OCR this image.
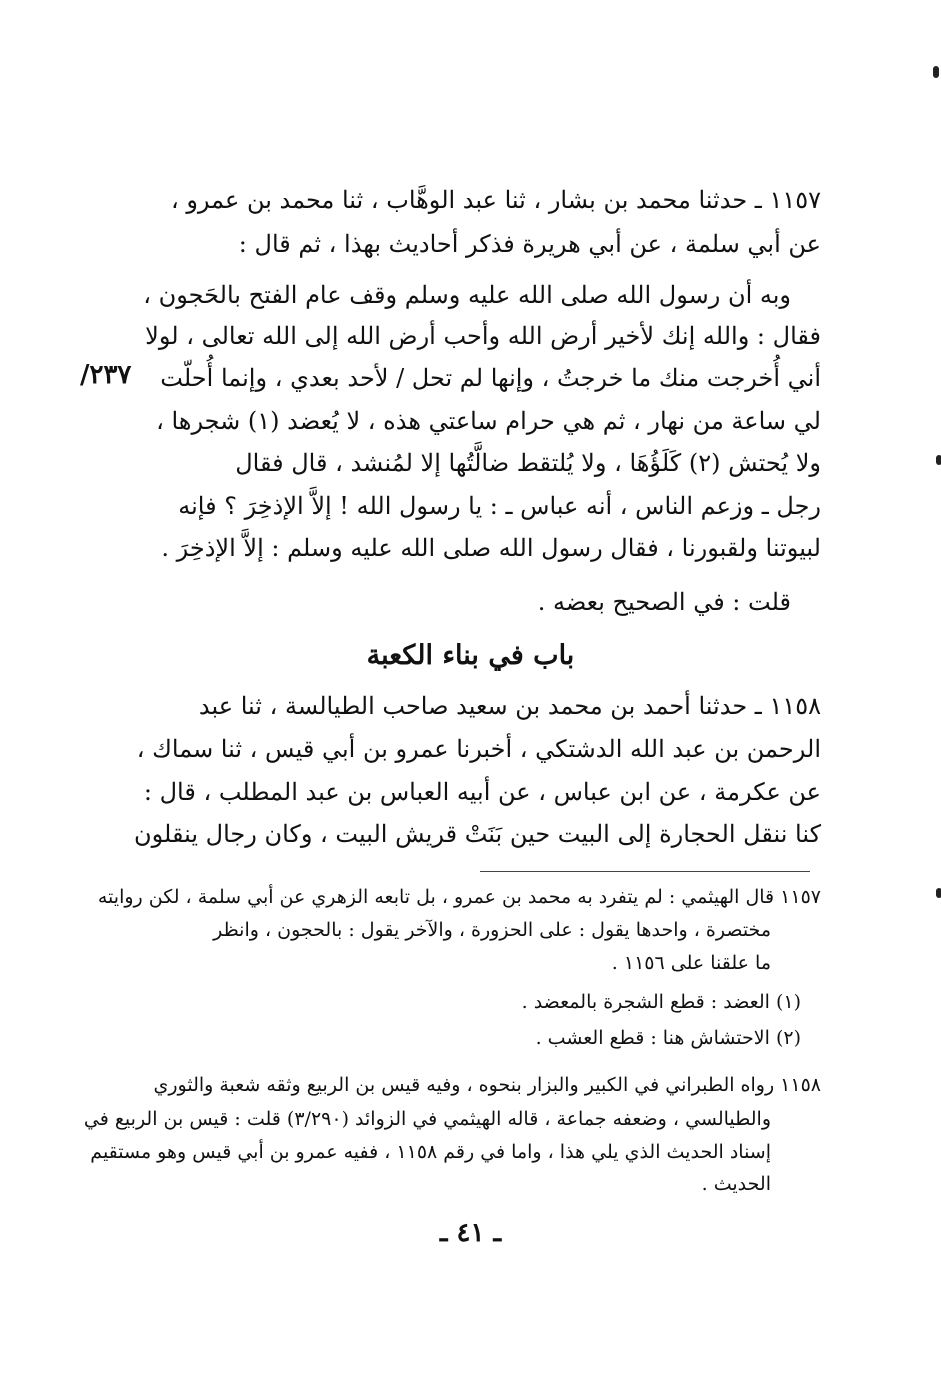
١١٥٧ ـ حدثنا محمد بن بشار ، ثنا عبد الوهَّاب ، ثنا محمد بن عمرو ،
عن أبي سلمة ، عن أبي هريرة فذكر أحاديث بهذا ، ثم قال :
وبه أن رسول الله صلى الله عليه وسلم وقف عام الفتح بالحَجون ،
فقال : والله إنك لأخير أرض الله وأحب أرض الله إلى الله تعالى ، لولا
أني أُخرجت منك ما خرجتُ ، وإنها لم تحل / لأحد بعدي ، وإنما أُحلّت
٢٣٧/
لي ساعة من نهار ، ثم هي حرام ساعتي هذه ، لا يُعضد (١) شجرها ،
ولا يُحتش (٢) كَلَؤُهَا ، ولا يُلتقط ضالَّتُها إلا لمُنشد ، قال فقال
رجل ـ وزعم الناس ، أنه عباس ـ : يا رسول الله ! إلاَّ الإذخِرَ ؟ فإنه
لبيوتنا ولقبورنا ، فقال رسول الله صلى الله عليه وسلم : إلاَّ الإذخِرَ .
قلت : في الصحيح بعضه .
باب في بناء الكعبة
١١٥٨ ـ حدثنا أحمد بن محمد بن سعيد صاحب الطيالسة ، ثنا عبد
الرحمن بن عبد الله الدشتكي ، أخبرنا عمرو بن أبي قيس ، ثنا سماك ،
عن عكرمة ، عن ابن عباس ، عن أبيه العباس بن عبد المطلب ، قال :
كنا ننقل الحجارة إلى البيت حين بَنَتْ قريش البيت ، وكان رجال ينقلون
١١٥٧ قال الهيثمي : لم يتفرد به محمد بن عمرو ، بل تابعه الزهري عن أبي سلمة ، لكن روايته
مختصرة ، واحدها يقول : على الحزورة ، والآخر يقول : بالحجون ، وانظر
ما علقنا على ١١٥٦ .
(١) العضد : قطع الشجرة بالمعضد .
(٢) الاحتشاش هنا : قطع العشب .
١١٥٨ رواه الطبراني في الكبير والبزار بنحوه ، وفيه قيس بن الربيع وثقه شعبة والثوري
والطيالسي ، وضعفه جماعة ، قاله الهيثمي في الزوائد (٣/٢٩٠) قلت : قيس بن الربيع في
إسناد الحديث الذي يلي هذا ، واما في رقم ١١٥٨ ، ففيه عمرو بن أبي قيس وهو مستقيم
الحديث .
ـ ٤١ ـ
